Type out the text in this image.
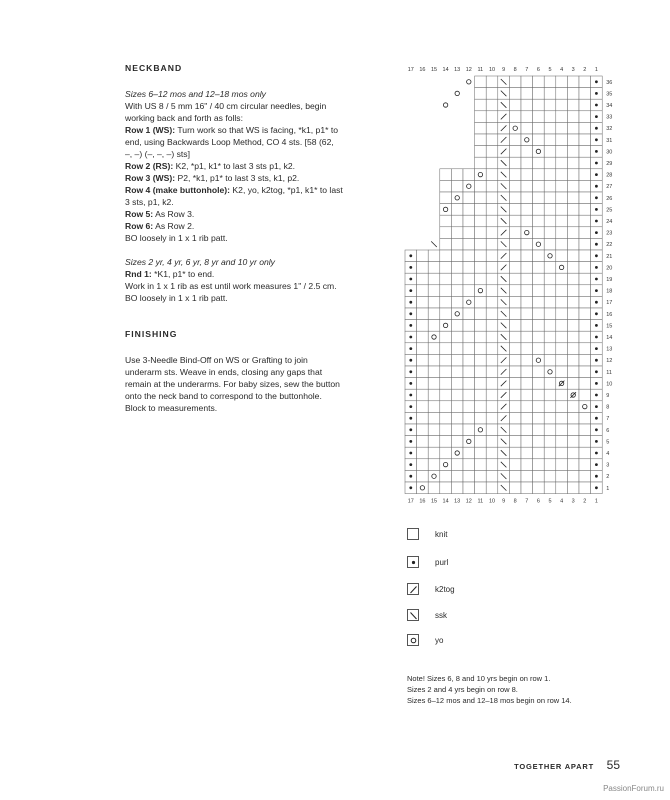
NECKBAND
Sizes 6–12 mos and 12–18 mos only
With US 8 / 5 mm 16" / 40 cm circular needles, begin
working back and forth as folls:
Row 1 (WS): Turn work so that WS is facing, *k1, p1* to
end, using Backwards Loop Method, CO 4 sts. [58 (62,
–, –) (–, –, –) sts]
Row 2 (RS): K2, *p1, k1* to last 3 sts p1, k2.
Row 3 (WS): P2, *k1, p1* to last 3 sts, k1, p2.
Row 4 (make buttonhole): K2, yo, k2tog, *p1, k1* to last
3 sts, p1, k2.
Row 5: As Row 3.
Row 6: As Row 2.
BO loosely in 1 x 1 rib patt.
Sizes 2 yr, 4 yr, 6 yr, 8 yr and 10 yr only
Rnd 1: *K1, p1* to end.
Work in 1 x 1 rib as est until work measures 1" / 2.5 cm.
BO loosely in 1 x 1 rib patt.
FINISHING
Use 3-Needle Bind-Off on WS or Grafting to join
underarm sts. Weave in ends, closing any gaps that
remain at the underarms. For baby sizes, sew the button
onto the neck band to correspond to the buttonhole.
Block to measurements.
17
17
16
16
15
15
14
14
13
13
12
12
11
11
10
10
9
9
8
8
7
7
6
6
5
5
4
4
3
3
2
2
1
1
36
35
34
33
32
31
30
29
28
27
26
25
24
23
22
21
20
19
18
17
16
15
14
13
12
11
10
9
8
7
6
5
4
3
2
1
knit
purl
k2tog
ssk
yo
Note! Sizes 6, 8 and 10 yrs begin on row 1.
Sizes 2 and 4 yrs begin on row 8.
Sizes 6–12 mos and 12–18 mos begin on row 14.
TOGETHER APART 55
PassionForum.ru
